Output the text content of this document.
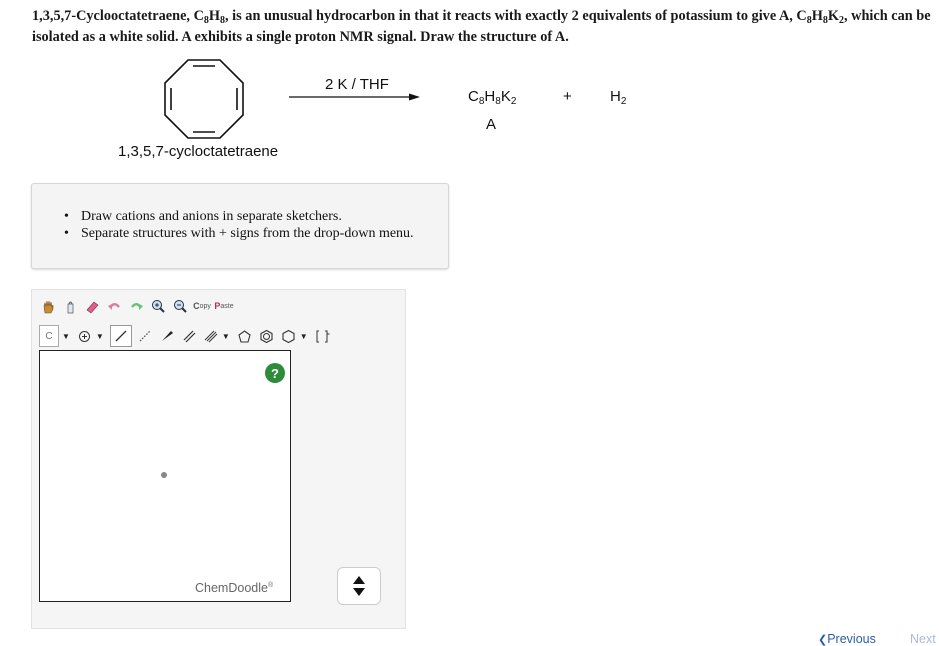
1,3,5,7-Cyclooctatetraene, $C_8H_8$, is an unusual hydrocarbon in that it reacts with exactly 2 equivalents of potassium to give A, $C_8H_8K_2$, which can be isolated as a white solid. A exhibits a single proton NMR signal. Draw the structure of A.
1,3,5,7-cycloctatetraene
2 K / THF
$C_8H_8K_2$
A
+	$H_2$
• Draw cations and anions in separate sketchers.
• Separate structures with + signs from the drop-down menu.
C opy P aste
C	▼	▼	▼	▼
?
ChemDoodle®
❮Previous	Next
